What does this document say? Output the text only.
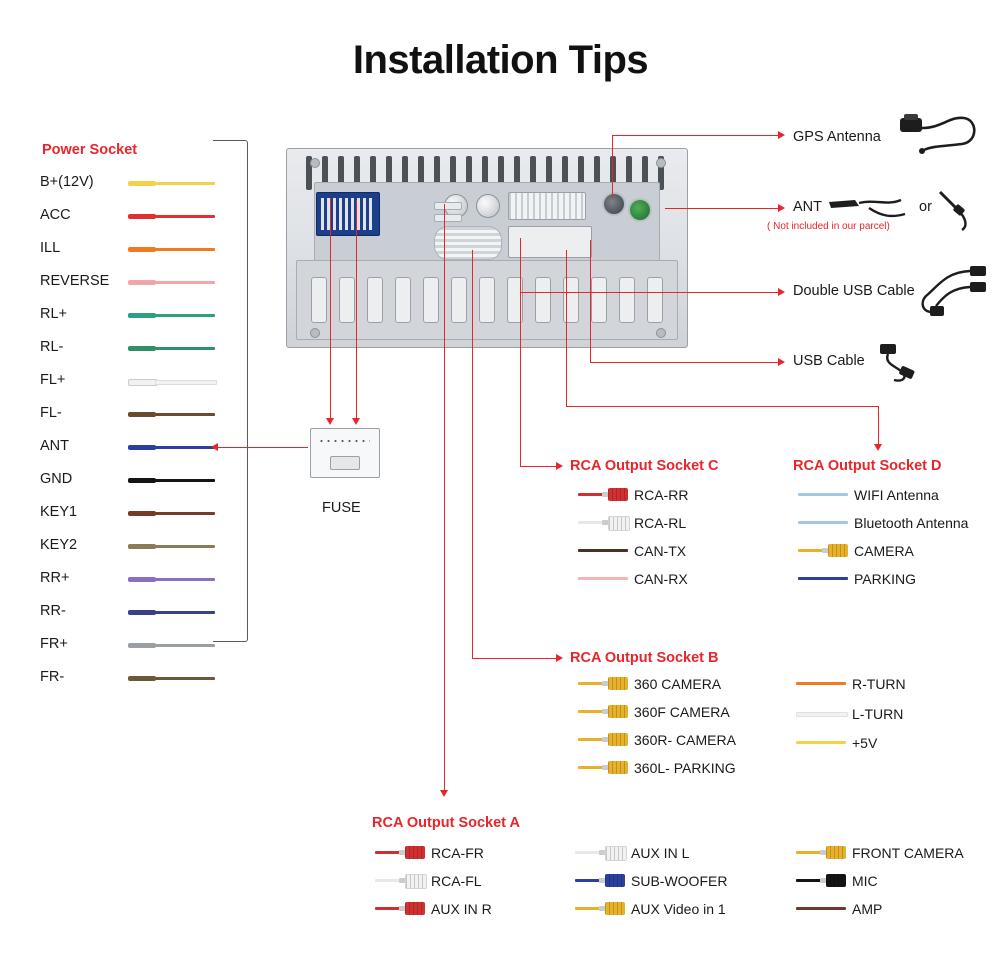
Installation Tips
Power Socket
B+(12V)
ACC
ILL
REVERSE
RL+
RL-
FL+
FL-
ANT
GND
KEY1
KEY2
RR+
RR-
FR+
FR-
FUSE
GPS Antenna
ANT
( Not included in our parcel)
or
Double USB Cable
USB Cable
RCA Output Socket C
RCA-RR
RCA-RL
CAN-TX
CAN-RX
RCA Output Socket D
WIFI Antenna
Bluetooth Antenna
CAMERA
PARKING
RCA Output Socket B
360 CAMERA
360F CAMERA
360R- CAMERA
360L- PARKING
R-TURN
L-TURN
+5V
RCA Output Socket A
RCA-FR
RCA-FL
AUX IN R
AUX IN L
SUB-WOOFER
AUX Video in 1
FRONT CAMERA
MIC
AMP
